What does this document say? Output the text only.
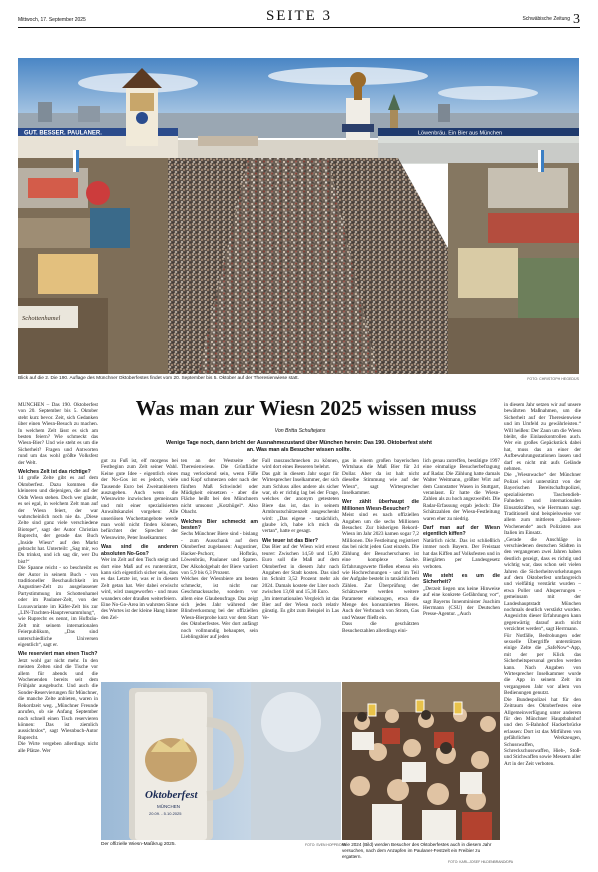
Mittwoch, 17. September 2025	SEITE 3	Schwäbische Zeitung 3
GUT. BESSER. PAULANER.	Löwenbräu. Ein Bier aus München
Schottenhamel
Blick auf die 2. Die 190. Auflage des Münchner Oktoberfestes findet vom 20. September bis 5. Oktober auf der Theresienwiese statt.	FOTO: CHRISTOPH HEGEDÜS
Was man zur Wiesn 2025 wissen muss
Von Britta Schultejans
Wenige Tage noch, dann bricht der Ausnahmezustand über München herein: Das 190. Oktoberfest steht an. Was man als Besucher wissen sollte.

MÜNCHEN – Das 190. Oktoberfest von 20. September bis 5. Oktober steht kurz bevor. Zeit, sich Gedanken über einen Wiesn-Besuch zu machen. In welchem Zelt lässt es sich am besten feiern? Wie schmeckt das Wiesn-Bier? Und wie steht es um die Sicherheit? Fragen und Antworten rund um das wohl größte Volksfest der Welt.

Welches Zelt ist das richtige?

14 große Zelte gibt es auf dem Oktoberfest. Dazu kommen die kleineren und diejenigen, die auf der Oidn Wiesn stehen. Doch wer glaubt, es sei egal, in welchem Zelt man auf der Wiesn feiert, der war wahrscheinlich noch nie da. „Diese Zelte sind ganz viele verschiedene Biotope“, sagt der Autor Christian Ruprecht, der gerade das Buch „Inside Wiesn“ auf den Markt gebracht hat. Unterteilt: „Sag mir, wo Du trinkst, und ich sag dir, wer Du bist!“

Die Spanne reicht - so beschreibt es der Autor in seinem Buch - von traditioneller Beschaulichkeit im Augustiner-Zelt zu ausgelassener Partystimmung im Schottenhamel oder im Paulaner-Zelt, von der Luxusvariante im Käfer-Zelt bis zur „LIN-Trachten-Hauptversammlung“, wie Ruprecht es nennt, im Hofbräu-Zelt mit seinem internationalen Feierpublikum, „Das sind unterschiedliche Universen eigentlich“, sagt er.

Wie reserviert man einen Tisch?

Jetzt wohl gar nicht mehr. In den meisten Zelten sind die Tische vor allem für abends und die Wochenenden bereits seit dem Frühjahr ausgebucht. Und auch die Sonder-Reservierungen für Münchner, die manche Zelte anbieten, waren in Rekordzeit weg. „Münchner Freunde anrufen, ob sie Anfang September noch schnell einen Tisch reservieren können: Das ist ziemlich aussichtslos“, sagt Wiesnbuch-Autor Ruprecht.

Die Wirte vergeben allerdings nicht alle Plätze. Wer

gut zu Fuß ist, elf morgens bei Festbeginn zum Zelt seiner Wahl. Keine gute Idee - eigentlich eines der No-Gos ist es jedoch, viele Tausende Euro bei Zweitanbietern auszugeben. Auch wenn die Wiesnwirte inzwischen gemeinsam und mit einer spezialisierten Anwaltskanzlei vorgehen: Alle unseriösen Wuchertangebote werde man wohl nicht finden können, befürchtet der Sprecher der Wiesnwirte, Peter Inselkammer.

Was sind die anderen absoluten No-Gos?

Wer im Zelt auf den Tisch steigt und dort eine Maß auf ex runterstürzt, kann sich eigentlich sicher sein, dass es das Letzte ist, was er in diesem Zelt getan hat. Wer dabei erwischt wird, wird rausgeworfen - und muss woanders oder draußen weiterfeiern.

Eine No-Go-Area im wahrsten Sinne des Wortes ist der kleine Hang hinter den Zel-

ten an der Westseite der Theresienwiese. Die Grünfläche mag verlockend sein, wenn Füße und Kopf schmerzen oder nach der fünften Maß Schwindel oder Müdigkeit einsetzen - aber die Fläche heißt bei den Münchnern nicht umsonst „Kotzhügel“. Also Obacht.

Welches Bier schmeckt am besten?

Sechs Münchner Biere sind - bislang - zum Ausschank auf dem Oktoberfest zugelassen: Augustiner, Hacker-Pschorr, Hofbräu, Löwenbräu, Paulaner und Spaten. Der Alkoholgehalt der Biere variiert von 5,9 bis 6,3 Prozent.

Welches der Wiesnbiere am besten schmeckt, ist nicht nur Geschmackssache, sondern vor allem eine Glaubensfrage. Das zeigt sich jedes Jahr während der Blindverkostung bei der offiziellen Wiesn-Bierprobe kurz vor dem Start des Oktoberfestes. Wer dort anfängt noch vollmundig behauptet, sein Lieblingsbier auf jeden

Fall rauszuschmecken zu können, wird dort eines Besseren belehrt.

Das galt in diesem Jahr sogar für Wirtesprecher Inselkammer, der sich zum Schluss alles andere als sicher war, ob er richtig lag bei der Frage, welches der anonym getesteten Biere das ist, das in seinem Armbrustschützenzelt ausgeschenkt wird: „Das eigene - tatsächlich, glaube ich, habe ich mich da vertan“, hatte er gesagt.

Wie teuer ist das Bier?

Das Bier auf der Wiesn wird erneut teurer: Zwischen 14,50 und 15,80 Euro soll die Maß auf dem Oktoberfest in diesem Jahr nach Angaben der Stadt kosten. Das sind im Schnitt 3,52 Prozent mehr als 2024. Damals kostete der Liter noch zwischen 13,60 und 15,30 Euro.

„Im internationalen Vergleich ist das Bier auf der Wiesn noch relativ günstig. Es gibt zum Beispiel in Las Ve-

gas in einem großen bayerischen Wirtshaus die Maß Bier für 24 Dollar. Aber da ist halt nicht dieselbe Stimmung wie auf der Wiesn“, sagt Wirtesprecher Inselkammer.

Wer zählt überhaupt die Millionen Wiesn-Besucher?

Meist sind es nach offiziellen Angaben um die sechs Millionen Besucher. Zur bisherigen Rekord-Wiesn im Jahr 2023 kamen sogar 7,2 Millionen. Die Festleitung registriert das bei nicht jeden Gast einzeln. Die Zählung der Besucherscharen ist eine komplexe Sache. Erfahrungswerte fließen ebenso ein wie Hochrechnungen - und im Teil der Aufgabe besteht in tatsächlichem Zählen. Zur Überprüfung der Schätzwerte werden weitere Parameter einbezogen, etwa die Menge des konsumierten Bieres. Auch der Verbrauch von Strom, Gas und Wasser fließt ein.

Dass die geschätzten Besucherzahlen allerdings eini-

lich genau zutreffen, bestätigte 1997 eine einmalige Besucherbefragung auf Radar. Die Zählung hatte damals Walter Weitmann, größter Wirt auf dem Cannstatter Wasen in Stuttgart, veranlasst. Er hatte die Wiesn-Zahlen als zu hoch angezweifelt. Die Radar-Erfassung ergab jedoch: Die Schätzzahlen der Wiesn-Festleitung waren eher zu niedrig.

Darf man auf der Wiesn eigentlich kiffen?

Natürlich nicht. Das ist schließlich immer noch Bayern. Der Freistaat hat das Kiffen auf Volksfesten und in Biergärten per Landesgesetz verboten.

Wie steht es um die Sicherheit?

„Derzeit liegen uns keine Hinweise auf eine konkrete Gefährdung vor“, sagt Bayerns Innenminister Joachim Herrmann (CSU) der Deutschen Presse-Agentur. „Auch

in diesem Jahr setzen wir auf unsere bewährten Maßnahmen, um die Sicherheit auf der Theresienwiese und im Umfeld zu gewährleisten.“ Will heißen: Der Zaun um die Wiesn bleibt, die Einlasskontrollen auch. Wer ein großes Gepäckstück dabei hat, muss das an einer der Aufbewahrungsstationen lassen und darf es nicht mit aufs Gelände nehmen.

Die „Wiesnwache“ der Münchner Polizei wird unterstützt von der Bayerischen Bereitschaftspolizei, spezialisierten Taschendieb-Fahndern und internationalen Einsatzkräften, wie Herrmann sagt. Traditionell sind beispielsweise vor allem zum mittleren „Italiener-Wochenende“ auch Polizisten aus Italien im Einsatz.

„Gerade die Anschläge in verschiedenen deutschen Städten in den vergangenen zwei Jahren haben deutlich gezeigt, dass es richtig und wichtig war, dass schon seit vielen Jahren die Sicherheitsvorkehrungen auf dem Oktoberfest umfangreich und vielfältig verstärkt wurden – etwa Poller und Absperrungen - gemeinsam mit der Landeshauptstadt München nochmals deutlich verstärkt wurden. Angesichts dieser Erfahrungen kann gegenwärtig darauf auch nicht verzichtet werden“, sagt Herrmann.

Für Notfälle, Bedrohungen oder sexuelle Übergriffe unterstützen einige Zelte die „SafeNow“-App, mit der per Klick das Sicherheitspersonal gerufen werden kann. Nach Angaben von Wirtesprecher Inselkammer wurde die App in seinem Zelt im vergangenen Jahr vor allem von Bedienungen genutzt.

Die Bundespolizei hat für den Zeitraum des Oktoberfestes eine Allgemeinverfügung unter anderem für den Münchner Hauptbahnhof und den S-Bahnhof Hackerbrücke erlassen: Dort ist das Mitführen von gefährlichen Werkzeugen, Schusswaffen, Schreckschusswaffen, Hieb-, Stoß- und Stichwaffen sowie Messern aller Art in der Zeit verboten.

Oktoberfest
MÜNCHEN
20.09. - 5.10.2025
Der offizielle Wiesn-Maßkrug 2025.	FOTO: SVEN HOPPE/DPA
Wie 2024 (Bild) werden Besucher des Oktoberfestes auch in diesem Jahr versuchen, nach dem Anzapfen im Paulaner-Festzelt ein Freibier zu ergattern.
FOTO: KARL-JOSEF HILDENBRAND/DPA
